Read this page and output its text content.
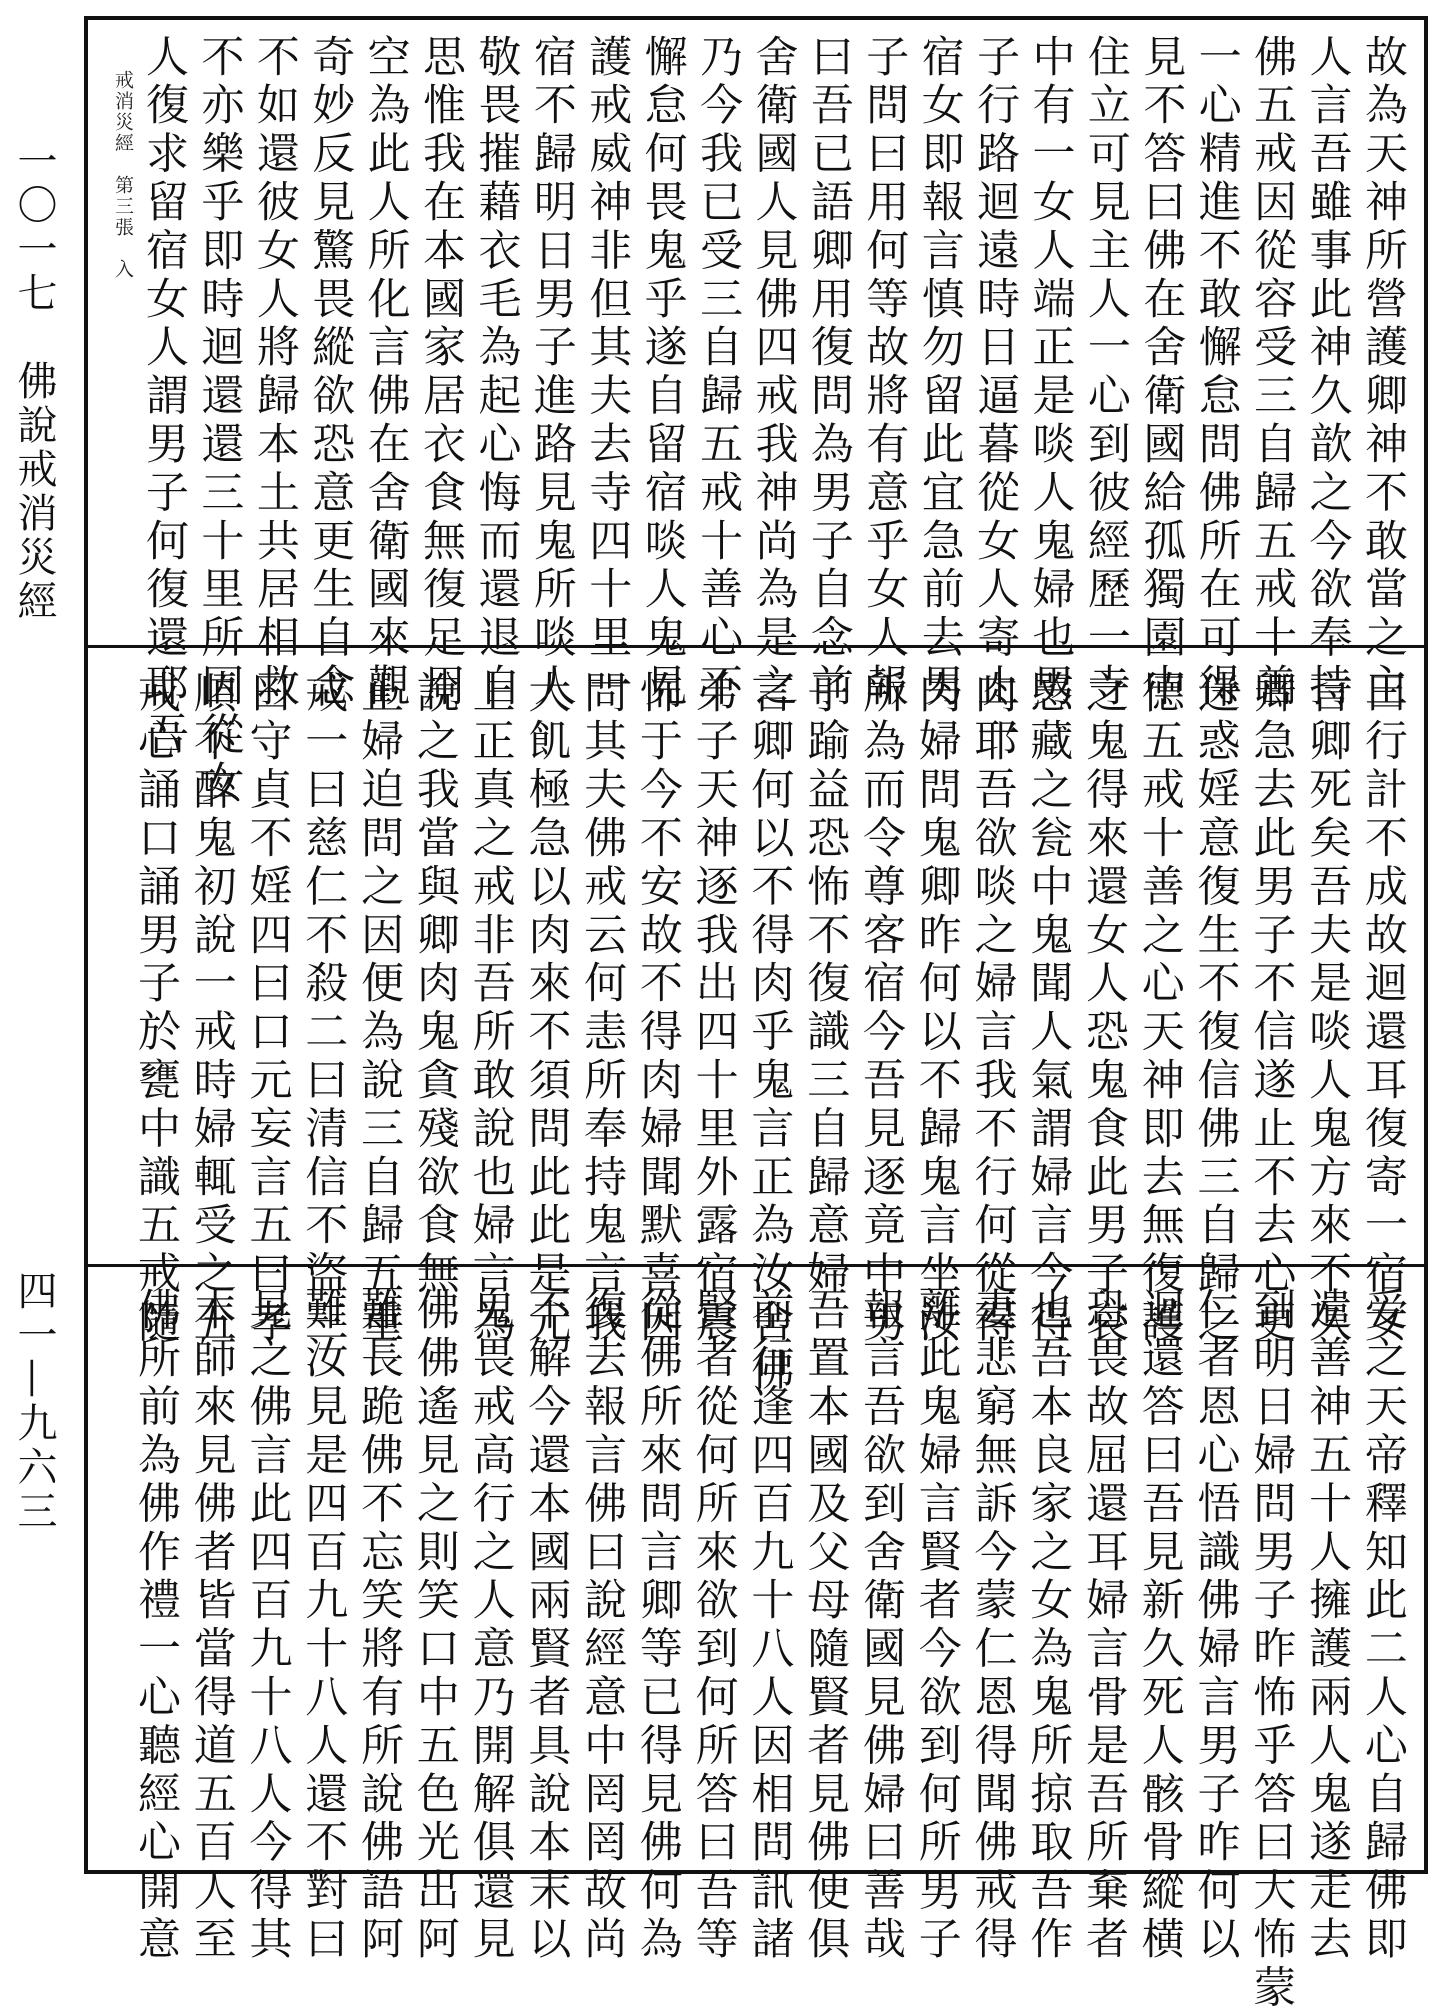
一〇一七　佛說戒消災經
四一—九六三
故為天神所營護卿神不敢當之主
人言吾雖事此神久歆之今欲奉持
佛五戒因從容受三自歸五戒十善
一心精進不敢懈怠問佛所在可得
見不答曰佛在舍衛國給孤獨園中
住立可見主人一心到彼經歷一寺
中有一女人端正是啖人鬼婦也男
子行路迴遠時日逼暮從女人寄止一
宿女即報言慎勿留此宜急前去男
子問曰用何等故將有意乎女人報
曰吾已語卿用復問為男子自念前
舍衛國人見佛四戒我神尚為是之
乃今我已受三自歸五戒十善心不
懈怠何畏鬼乎遂自留宿啖人鬼見
護戒威神非但其夫去寺四十里一
宿不歸明日男子進路見鬼所啖人
敬畏摧藉衣毛為起心悔而還退自
思惟我在本國家居衣食無復足用
空為此人所化言佛在舍衛國來觀
奇妙反見驚畏縱欲恐意更生自念
不如還彼女人將歸本土共居相救
不亦樂乎即時迴還還三十里所因從女
人復求留宿女人謂男子何復還耶吾
戒消災經　第三張　入
曰行計不成故迴還耳復寄一宿女
言卿死矣吾夫是啖人鬼方來不久
卿急去此男子不信遂止不去心更
迷惑婬意復生不復信佛三自歸之
德五戒十善之心天神即去無復護
之鬼得來還女人恐鬼食此男子哀
愍藏之瓮中鬼聞人氣謂婦言今得
肉耶吾欲啖之婦言我不行何從得
肉婦問鬼卿昨何以不歸鬼言坐汝
所為而令尊客宿今吾見逐竟中男
子踰益恐怖不復識三自歸意婦
言卿何以不得肉乎鬼言正為汝舍佛
弟子天神逐我出四十里外露宿震
怖于今不安故不得肉婦聞默喜因
問其夫佛戒云何恚所奉持鬼言我
大飢極急以肉來不須問此此是元
上正真之戒非吾所敢說也婦言為
說之我當與卿肉鬼貪殘欲食無
止婦迫問之因便為說三自歸五重
戒一曰慈仁不殺二曰清信不盜三
曰守貞不婬四曰口元妄言五曰孝
順不醉鬼初說一戒時婦輒受之五
戒心誦口誦男子於甕中識五戒隨
受之天帝釋知此二人心自歸佛即
遣善神五十人擁護兩人鬼遂走去
到明日婦問男子昨怖乎答曰大怖蒙
仁者恩心悟識佛婦言男子昨何以
迴還答曰吾見新久死人骸骨縱横
恐畏故屈還耳婦言骨是吾所棄者
也吾本良家之女為鬼所掠取吾作
妻悲窮無訴今蒙仁恩得聞佛戒得
離此鬼婦言賢者今欲到何所男子
報言吾欲到舍衛國見佛婦曰善哉
吾置本國及父母隨賢者見佛便俱
前行逢四百九十八人因相問訊諸
賢者從何所來欲到何所答曰吾等
從佛所來問言卿等已得見佛何為
復去報言佛曰說經意中罔罔故尚
不解今還本國兩賢者具說本末以
鬼畏戒高行之人意乃開解俱還見
佛佛遙見之則笑口中五色光出阿
難長跪佛不忘笑將有所說佛語阿
難汝見是四百九十八人還不對曰
見之佛言此四百九十八人今得其
本師來見佛者皆當得道五百人至
佛所前為佛作禮一心聽經心開意
